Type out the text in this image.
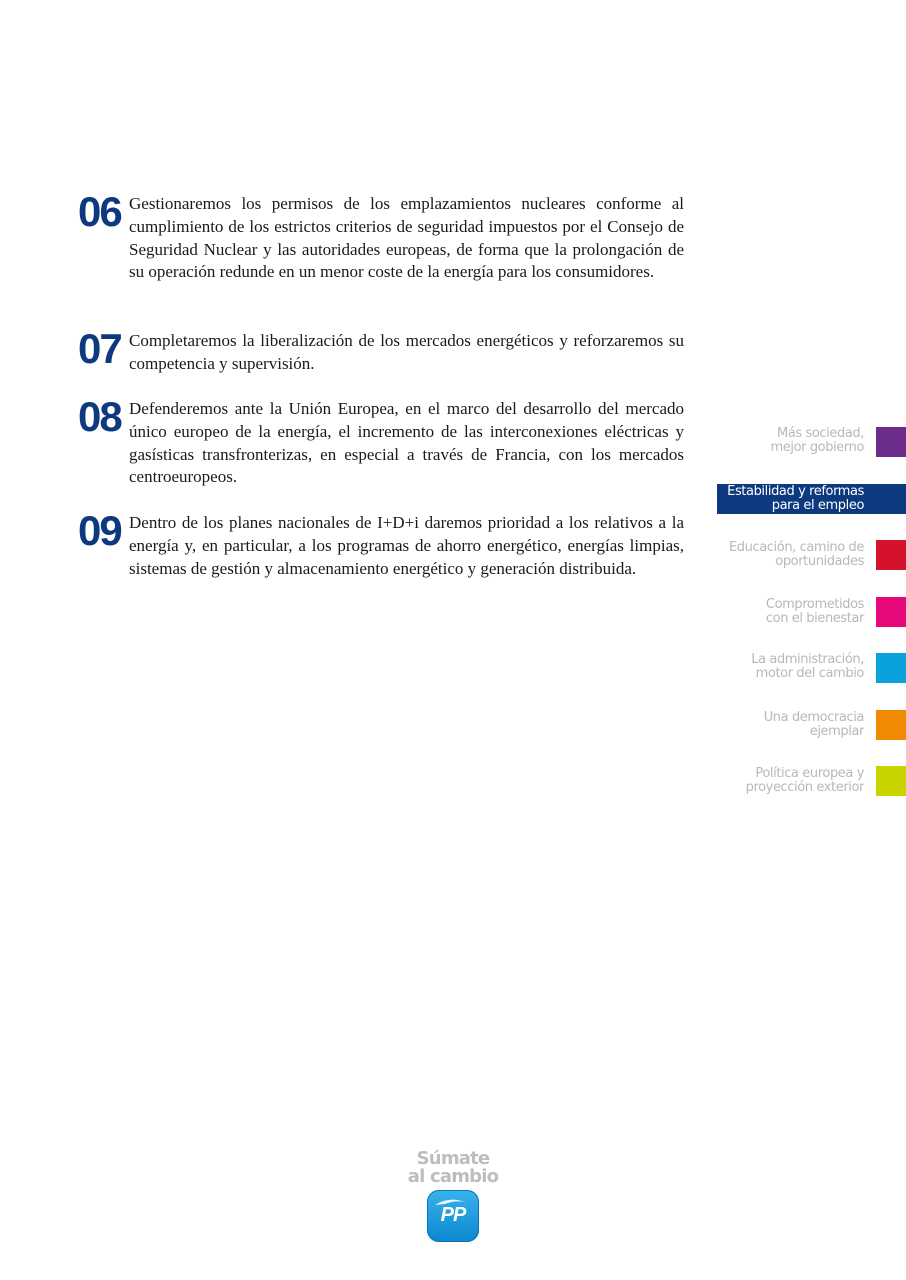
06 Gestionaremos los permisos de los emplazamientos nucleares conforme al cumplimiento de los estrictos criterios de seguridad impuestos por el Consejo de Seguridad Nuclear y las autoridades europeas, de forma que la prolongación de su operación redunde en un menor coste de la energía para los consumidores.
07 Completaremos la liberalización de los mercados energéticos y reforzaremos su competencia y supervisión.
08 Defenderemos ante la Unión Europea, en el marco del desarrollo del mercado único europeo de la energía, el incremento de las interconexiones eléctricas y gasísticas transfronterizas, en especial a través de Francia, con los mercados centroeuropeos.
09 Dentro de los planes nacionales de I+D+i daremos prioridad a los relativos a la energía y, en particular, a los programas de ahorro energético, energías limpias, sistemas de gestión y almacenamiento energético y generación distribuida.
Más sociedad,
mejor gobierno
Estabilidad y reformas
para el empleo
Educación, camino de
oportunidades
Comprometidos
con el bienestar
La administración,
motor del cambio
Una democracia
ejemplar
Política europea y
proyección exterior
Súmate
al cambio
PP
